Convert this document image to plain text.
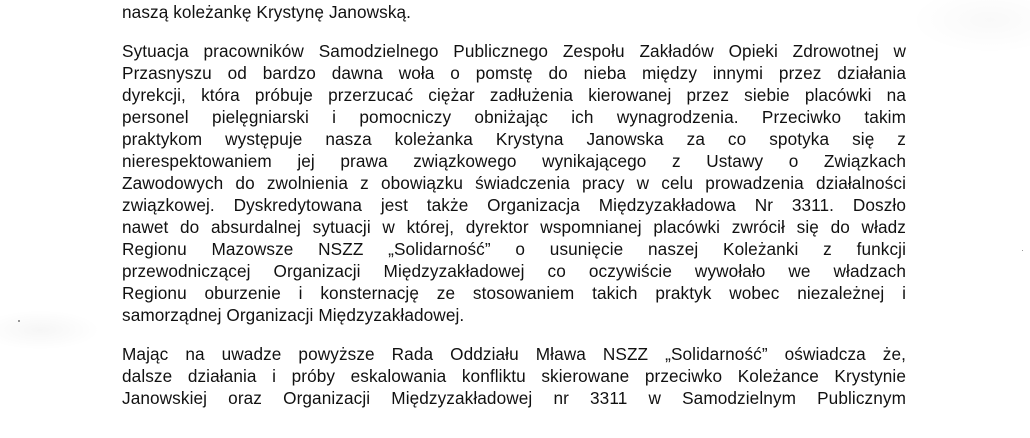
naszą koleżankę Krystynę Janowską.
Sytuacja pracowników Samodzielnego Publicznego Zespołu Zakładów Opieki Zdrowotnej w
Przasnyszu od bardzo dawna woła o pomstę do nieba między innymi przez działania
dyrekcji, która próbuje przerzucać ciężar zadłużenia kierowanej przez siebie placówki na
personel pielęgniarski i pomocniczy obniżając ich wynagrodzenia. Przeciwko takim
praktykom występuje nasza koleżanka Krystyna Janowska za co spotyka się z
nierespektowaniem jej prawa związkowego wynikającego z Ustawy o Związkach
Zawodowych do zwolnienia z obowiązku świadczenia pracy w celu prowadzenia działalności
związkowej. Dyskredytowana jest także Organizacja Międzyzakładowa Nr 3311. Doszło
nawet do absurdalnej sytuacji w której, dyrektor wspomnianej placówki zwrócił się do władz
Regionu Mazowsze NSZZ „Solidarność” o usunięcie naszej Koleżanki z funkcji
przewodniczącej Organizacji Międzyzakładowej co oczywiście wywołało we władzach
Regionu oburzenie i konsternację ze stosowaniem takich praktyk wobec niezależnej i
samorządnej Organizacji Międzyzakładowej.
Mając na uwadze powyższe Rada Oddziału Mława NSZZ „Solidarność” oświadcza że,
dalsze działania i próby eskalowania konfliktu skierowane przeciwko Koleżance Krystynie
Janowskiej oraz Organizacji Międzyzakładowej nr 3311 w Samodzielnym Publicznym
